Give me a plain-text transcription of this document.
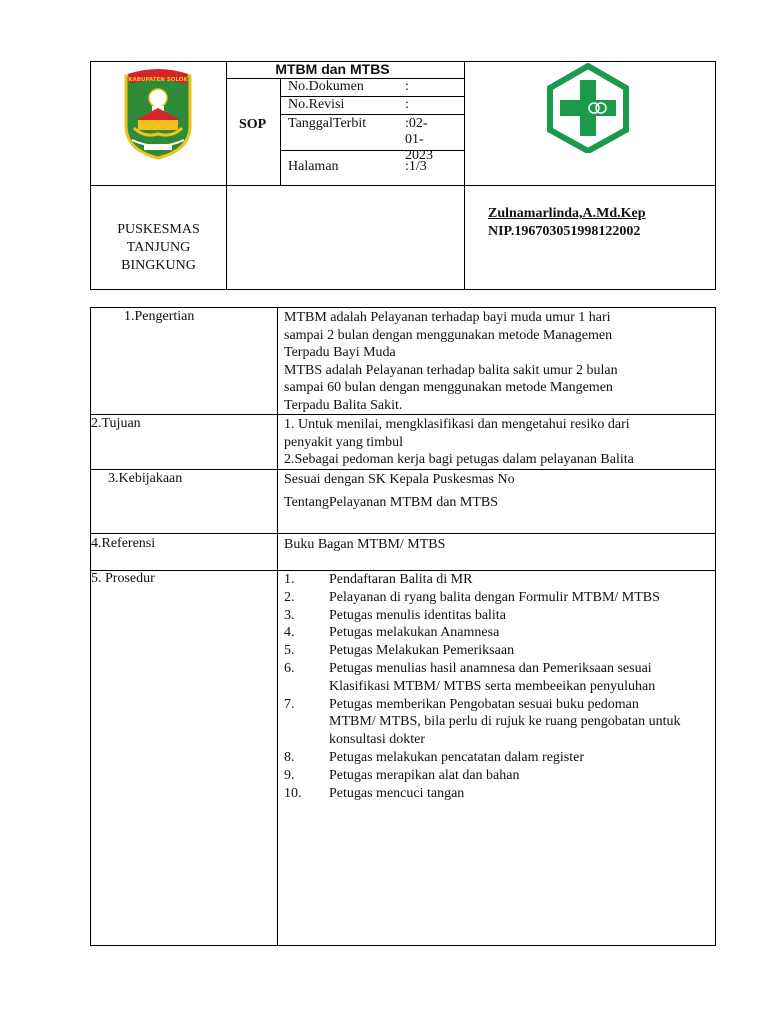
MTBM dan MTBS
SOP
No.Dokumen	:
No.Revisi	:
TanggalTerbit	:02-01-
2023
Halaman	:1/3
KABUPATEN SOLOK
PUSKESMAS
TANJUNG
BINGKUNG
Zulnamarlinda,A.Md.Kep
NIP.196703051998122002
1.Pengertian	MTBM adalah Pelayanan terhadap bayi muda umur 1 hari
sampai 2 bulan dengan menggunakan metode Managemen
Terpadu Bayi Muda
MTBS adalah Pelayanan terhadap balita sakit umur 2 bulan
sampai 60 bulan dengan menggunakan metode Mangemen
Terpadu Balita Sakit.
2.Tujuan	1. Untuk menilai, mengklasifikasi dan mengetahui resiko dari
penyakit yang timbul
2.Sebagai pedoman kerja bagi petugas dalam pelayanan Balita
3.Kebijakaan	Sesuai dengan SK Kepala Puskesmas No
TentangPelayanan MTBM dan MTBS
4.Referensi	Buku Bagan MTBM/ MTBS
5. Prosedur	1. Pendaftaran Balita di MR
2. Pelayanan di ryang balita dengan Formulir MTBM/ MTBS
3. Petugas menulis identitas balita
4. Petugas melakukan Anamnesa
5. Petugas Melakukan Pemeriksaan
6. Petugas menulias hasil anamnesa dan Pemeriksaan sesuai
Klasifikasi MTBM/ MTBS serta membeeikan penyuluhan
7. Petugas memberikan Pengobatan sesuai buku pedoman
MTBM/ MTBS, bila perlu di rujuk ke ruang pengobatan untuk
konsultasi dokter
8. Petugas melakukan pencatatan dalam register
9. Petugas merapikan alat dan bahan
10. Petugas mencuci tangan
